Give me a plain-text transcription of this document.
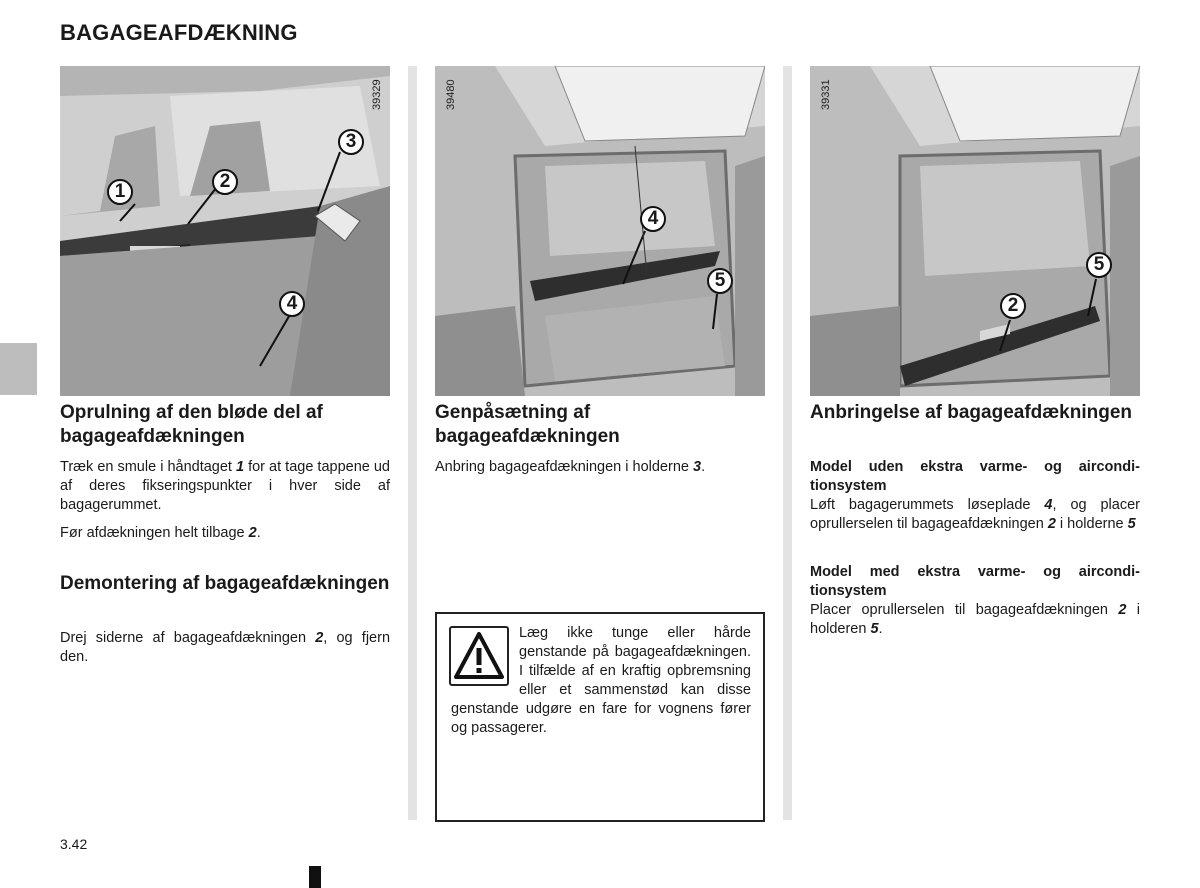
BAGAGEAFDÆKNING
39329
1	2
3
4
39480
4
5
39331
2
5
Oprulning af den bløde del af bagageafdækningen

Træk en smule i håndtaget 1 for at tage tappene ud af deres fikseringspunkter i hver side af bagagerummet.

Før afdækningen helt tilbage 2.

Demontering af bagageafdækningen

Drej siderne af bagageafdækningen 2, og fjern den.

Genpåsætning af bagageafdækningen

Anbring bagageafdækningen i holderne 3.

Læg ikke tunge eller hårde genstande på bagageafdækningen. I tilfælde af en kraftig opbremsning eller et sammenstød kan disse genstande udgøre en fare for vognens fører og passagerer.
Anbringelse af bagageafdækningen

Model uden ekstra varme- og airconditionsystem

Løft bagagerummets løseplade 4, og placer oprullerselen til bagageafdækningen 2 i holderne 5

Model med ekstra varme- og airconditionsystem

Placer oprullerselen til bagageafdækningen 2 i holderen 5.

3.42
